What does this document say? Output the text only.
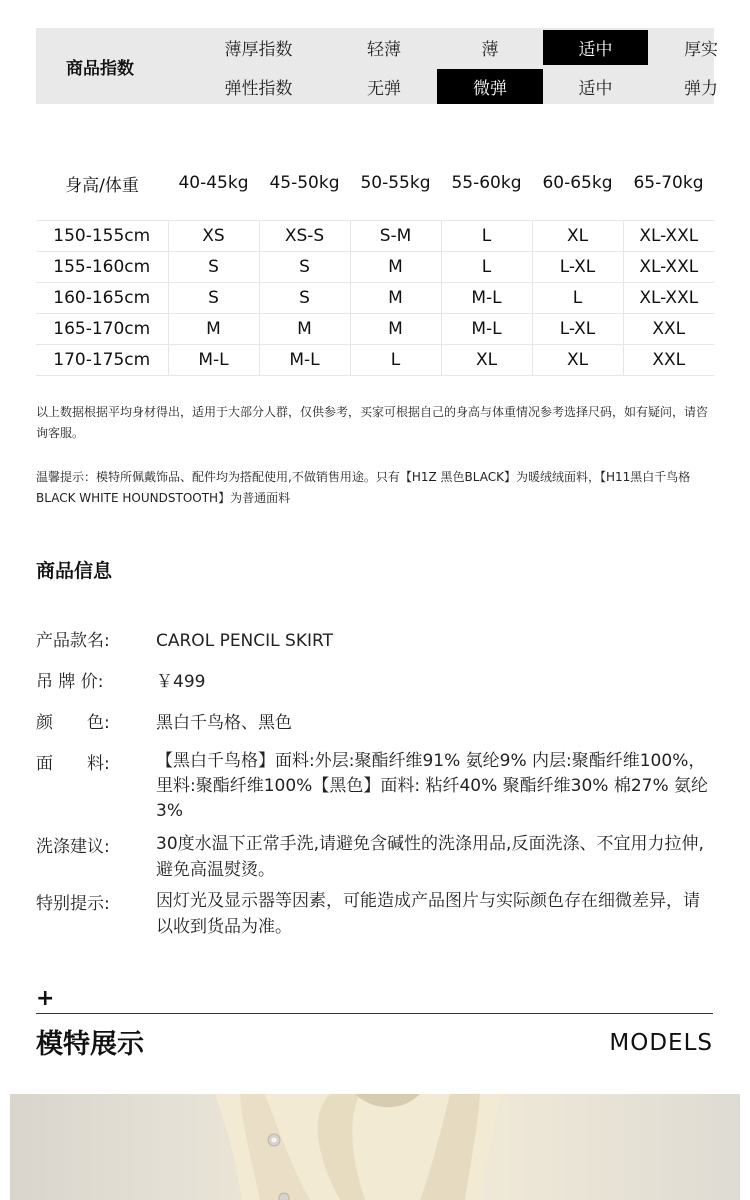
商品指数
薄厚指数	轻薄	薄	适中	厚实
弹性指数	无弹	微弹	适中	弹力
身高/体重	40-45kg	45-50kg	50-55kg	55-60kg	60-65kg	65-70kg
150-155cm	XS	XS-S	S-M	L	XL	XL-XXL
155-160cm	S	S	M	L	L-XL	XL-XXL
160-165cm	S	S	M	M-L	L	XL-XXL
165-170cm	M	M	M	M-L	L-XL	XXL
170-175cm	M-L	M-L	L	XL	XL	XXL
以上数据根据平均身材得出，适用于大部分人群，仅供参考，买家可根据自己的身高与体重情况参考选择尺码，如有疑问，请咨询客服。
温馨提示：模特所佩戴饰品、配件均为搭配使用,不做销售用途。只有【H1Z 黑色BLACK】为暖绒绒面料，【H11黑白千鸟格BLACK WHITE HOUNDSTOOTH】为普通面料
商品信息
产品款名:	CAROL PENCIL SKIRT
吊 牌 价:	￥499
颜　　色:	黑白千鸟格、黑色
面　　料:	【黑白千鸟格】面料:外层:聚酯纤维91% 氨纶9% 内层:聚酯纤维100%，里料:聚酯纤维100%【黑色】面料: 粘纤40% 聚酯纤维30% 棉27% 氨纶3%
洗涤建议:	30度水温下正常手洗,请避免含碱性的洗涤用品,反面洗涤、不宜用力拉伸,避免高温熨烫。
特别提示:	因灯光及显示器等因素，可能造成产品图片与实际颜色存在细微差异，请以收到货品为准。
+
模特展示	MODELS
